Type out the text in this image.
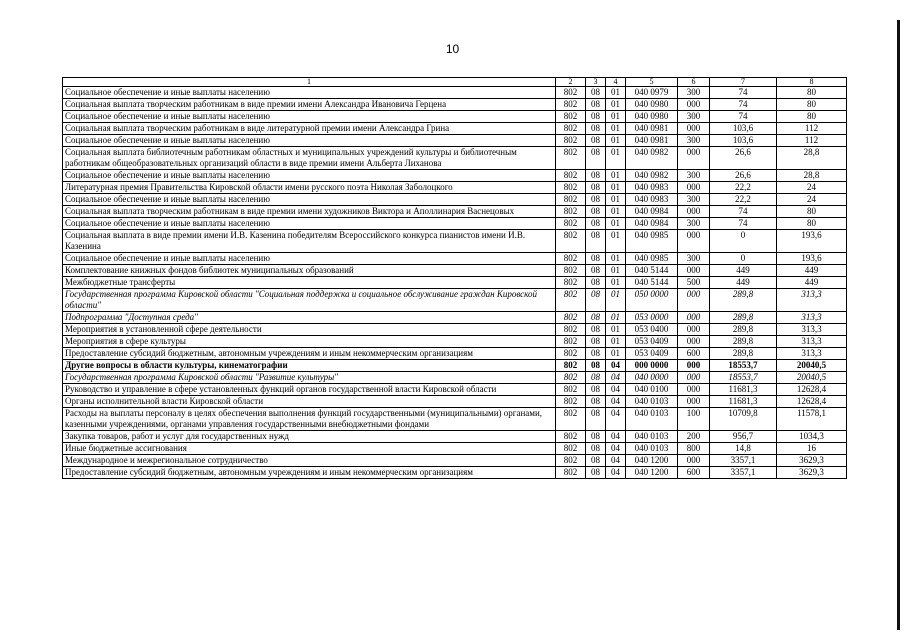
10
1	2	3	4	5	6	7	8
Социальное обеспечение и иные выплаты населению	802	08	01	040 0979	300	74	80
Социальная выплата творческим работникам в виде премии имени Александра Ивановича Герцена	802	08	01	040 0980	000	74	80
Социальное обеспечение и иные выплаты населению	802	08	01	040 0980	300	74	80
Социальная выплата творческим работникам в виде литературной премии имени Александра Грина	802	08	01	040 0981	000	103,6	112
Социальное обеспечение и иные выплаты населению	802	08	01	040 0981	300	103,6	112
Социальная выплата библиотечным работникам областных и муниципальных учреждений культуры и библиотечным работникам общеобразовательных организаций области в виде премии имени Альберта Лиханова	802	08	01	040 0982	000	26,6	28,8
Социальное обеспечение и иные выплаты населению	802	08	01	040 0982	300	26,6	28,8
Литературная премия Правительства Кировской области имени русского поэта Николая Заболоцкого	802	08	01	040 0983	000	22,2	24
Социальное обеспечение и иные выплаты населению	802	08	01	040 0983	300	22,2	24
Социальная выплата творческим работникам в виде премии имени художников Виктора и Аполлинария Васнецовых	802	08	01	040 0984	000	74	80
Социальное обеспечение и иные выплаты населению	802	08	01	040 0984	300	74	80
Социальная выплата в виде премии имени И.В. Казенина победителям Всероссийского конкурса пианистов имени И.В. Казенина	802	08	01	040 0985	000	0	193,6
Социальное обеспечение и иные выплаты населению	802	08	01	040 0985	300	0	193,6
Комплектование книжных фондов библиотек муниципальных образований	802	08	01	040 5144	000	449	449
Межбюджетные трансферты	802	08	01	040 5144	500	449	449
Государственная программа Кировской области "Социальная поддержка и социальное обслуживание граждан Кировской области"	802	08	01	050 0000	000	289,8	313,3
Подпрограмма "Доступная среда"	802	08	01	053 0000	000	289,8	313,3
Мероприятия в установленной сфере деятельности	802	08	01	053 0400	000	289,8	313,3
Мероприятия в сфере культуры	802	08	01	053 0409	000	289,8	313,3
Предоставление субсидий бюджетным, автономным учреждениям и иным некоммерческим организациям	802	08	01	053 0409	600	289,8	313,3
Другие вопросы в области культуры, кинематографии	802	08	04	000 0000	000	18553,7	20040,5
Государственная программа Кировской области "Развитие культуры"	802	08	04	040 0000	000	18553,7	20040,5
Руководство и управление в сфере установленных функций органов государственной власти Кировской области	802	08	04	040 0100	000	11681,3	12628,4
Органы исполнительной власти Кировской области	802	08	04	040 0103	000	11681,3	12628,4
Расходы на выплаты персоналу в целях обеспечения выполнения функций государственными (муниципальными) органами, казенными учреждениями, органами управления государственными внебюджетными фондами	802	08	04	040 0103	100	10709,8	11578,1
Закупка товаров, работ и услуг для государственных нужд	802	08	04	040 0103	200	956,7	1034,3
Иные бюджетные ассигнования	802	08	04	040 0103	800	14,8	16
Международное и межрегиональное сотрудничество	802	08	04	040 1200	000	3357,1	3629,3
Предоставление субсидий бюджетным, автономным учреждениям и иным некоммерческим организациям	802	08	04	040 1200	600	3357,1	3629,3
